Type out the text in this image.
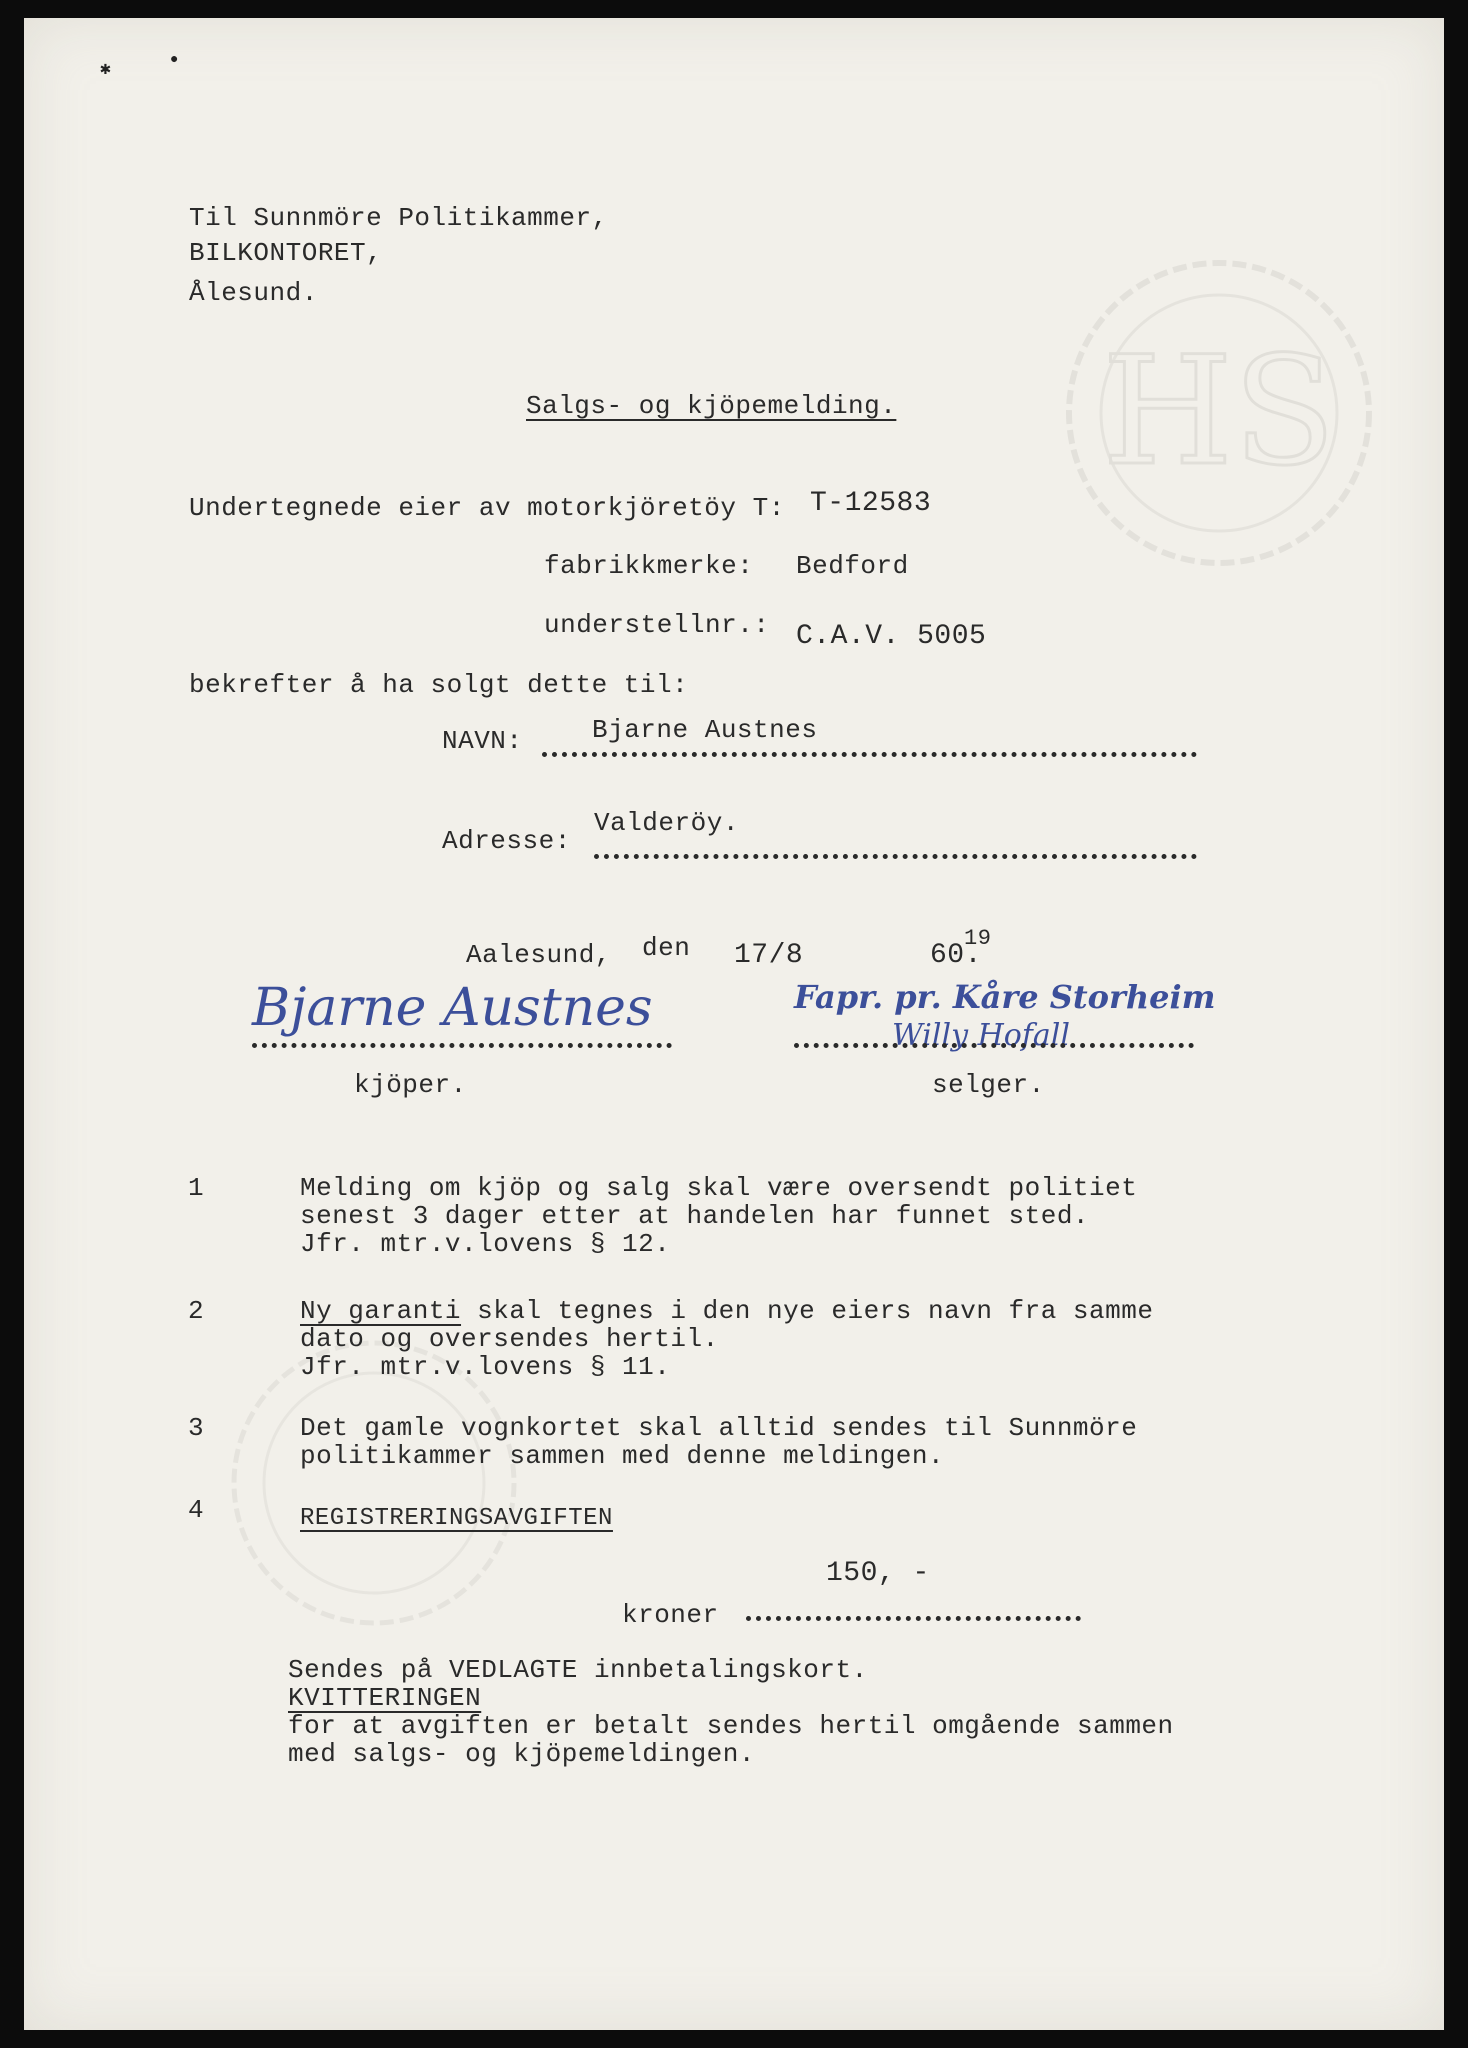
✱	●
HS
Til Sunnmöre Politikammer,
BILKONTORET,
Ålesund.
Salgs- og kjöpemelding.
Undertegnede eier av motorkjöretöy T: T-12583
fabrikkmerke: Bedford
understellnr.: C.A.V. 5005
bekrefter å ha solgt dette til:
NAVN:	Bjarne Austnes
Adresse:
Valderöy.
Aalesund, den 17/8	60.
19
Bjarne Austnes
kjöper.
Fapr. pr. Kåre Storheim
Willy Hofall
selger.
1	Melding om kjöp og salg skal være oversendt politiet
senest 3 dager etter at handelen har funnet sted.
Jfr. mtr.v.lovens § 12.
2	Ny garanti skal tegnes i den nye eiers navn fra samme
dato og oversendes hertil.
Jfr. mtr.v.lovens § 11.
3	Det gamle vognkortet skal alltid sendes til Sunnmöre
politikammer sammen med denne meldingen.
4	REGISTRERINGSAVGIFTEN
150, -
kroner
Sendes på VEDLAGTE innbetalingskort.
KVITTERINGEN
for at avgiften er betalt sendes hertil omgående sammen
med salgs- og kjöpemeldingen.
